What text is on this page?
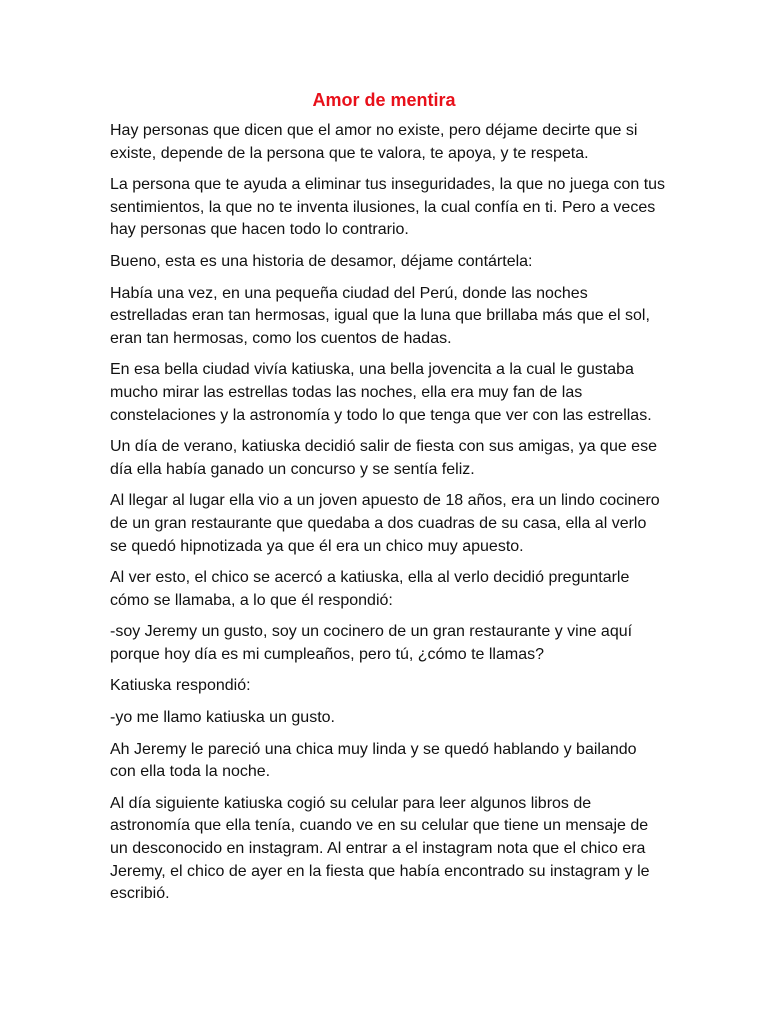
Amor de mentira

Hay personas que dicen que el amor no existe, pero déjame decirte que si existe, depende de la persona que te valora, te apoya, y te respeta.

La persona que te ayuda a eliminar tus inseguridades, la que no juega con tus sentimientos, la que no te inventa ilusiones, la cual confía en ti. Pero a veces hay personas que hacen todo lo contrario.

Bueno, esta es una historia de desamor, déjame contártela:

Había una vez, en una pequeña ciudad del Perú, donde las noches estrelladas eran tan hermosas, igual que la luna que brillaba más que el sol, eran tan hermosas, como los cuentos de hadas.

En esa bella ciudad vivía katiuska, una bella jovencita a la cual le gustaba mucho mirar las estrellas todas las noches, ella era muy fan de las constelaciones y la astronomía y todo lo que tenga que ver con las estrellas.

Un día de verano, katiuska decidió salir de fiesta con sus amigas, ya que ese día ella había ganado un concurso y se sentía feliz.

Al llegar al lugar ella vio a un joven apuesto de 18 años, era un lindo cocinero de un gran restaurante que quedaba a dos cuadras de su casa, ella al verlo se quedó hipnotizada ya que él era un chico muy apuesto.

Al ver esto, el chico se acercó a katiuska, ella al verlo decidió preguntarle cómo se llamaba, a lo que él respondió:

-soy Jeremy un gusto, soy un cocinero de un gran restaurante y vine aquí porque hoy día es mi cumpleaños, pero tú, ¿cómo te llamas?

Katiuska respondió:

-yo me llamo katiuska un gusto.

Ah Jeremy le pareció una chica muy linda y se quedó hablando y bailando con ella toda la noche.

Al día siguiente katiuska cogió su celular para leer algunos libros de astronomía que ella tenía, cuando ve en su celular que tiene un mensaje de un desconocido en instagram. Al entrar a el instagram nota que el chico era Jeremy, el chico de ayer en la fiesta que había encontrado su instagram y le escribió.
